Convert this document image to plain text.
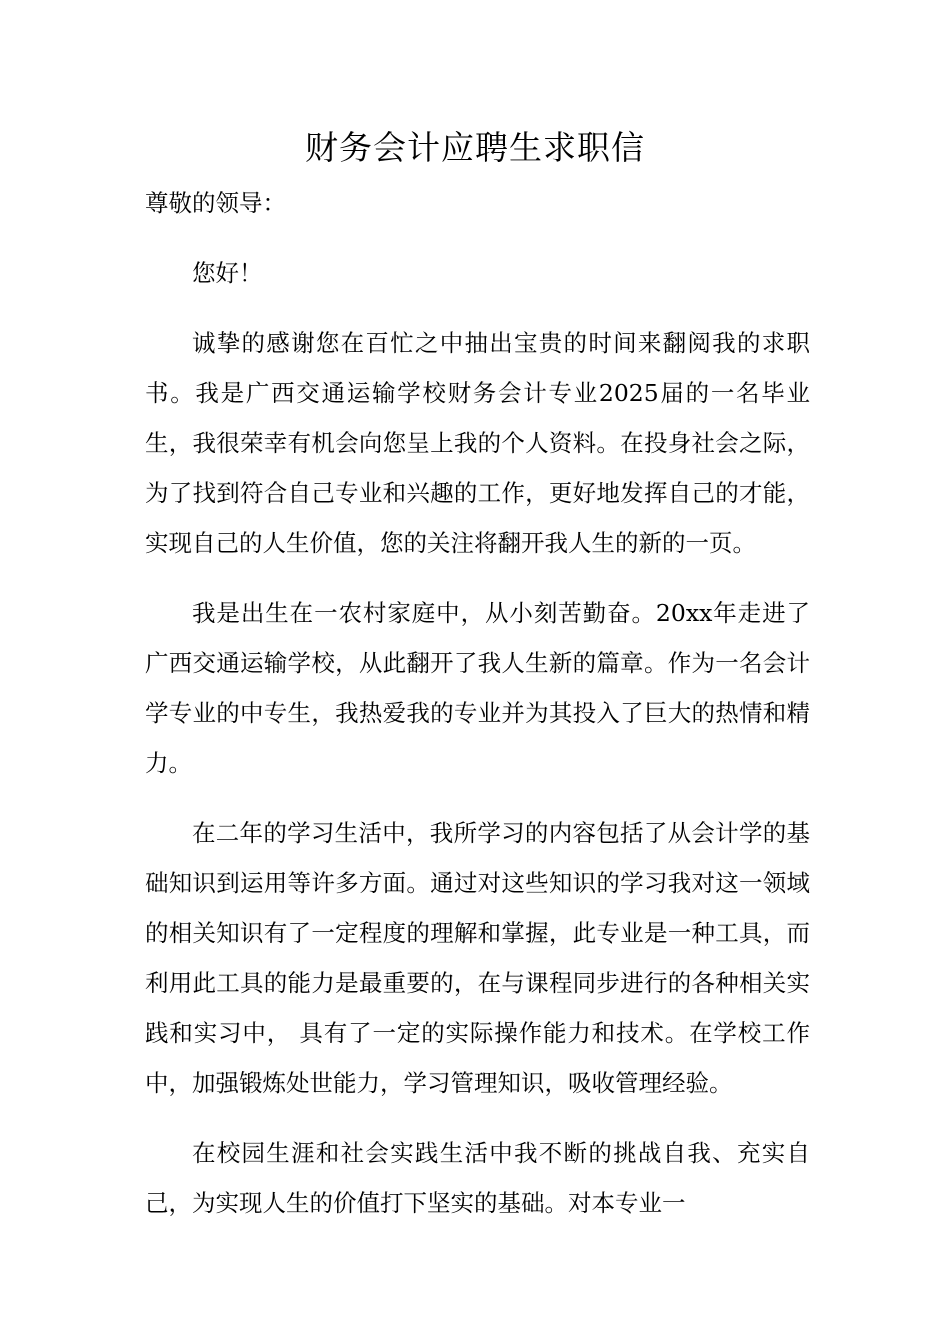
财务会计应聘生求职信

尊敬的领导：

您好！

诚挚的感谢您在百忙之中抽出宝贵的时间来翻阅我的求职书。我是广西交通运输学校财务会计专业2025届的一名毕业生，我很荣幸有机会向您呈上我的个人资料。在投身社会之际，为了找到符合自己专业和兴趣的工作，更好地发挥自己的才能，实现自己的人生价值，您的关注将翻开我人生的新的一页。

我是出生在一农村家庭中，从小刻苦勤奋。20xx年走进了广西交通运输学校，从此翻开了我人生新的篇章。作为一名会计学专业的中专生，我热爱我的专业并为其投入了巨大的热情和精力。

在二年的学习生活中，我所学习的内容包括了从会计学的基础知识到运用等许多方面。通过对这些知识的学习我对这一领域的相关知识有了一定程度的理解和掌握，此专业是一种工具，而利用此工具的能力是最重要的，在与课程同步进行的各种相关实践和实习中， 具有了一定的实际操作能力和技术。在学校工作中，加强锻炼处世能力，学习管理知识，吸收管理经验。

在校园生涯和社会实践生活中我不断的挑战自我、充实自己，为实现人生的价值打下坚实的基础。对本专业一
